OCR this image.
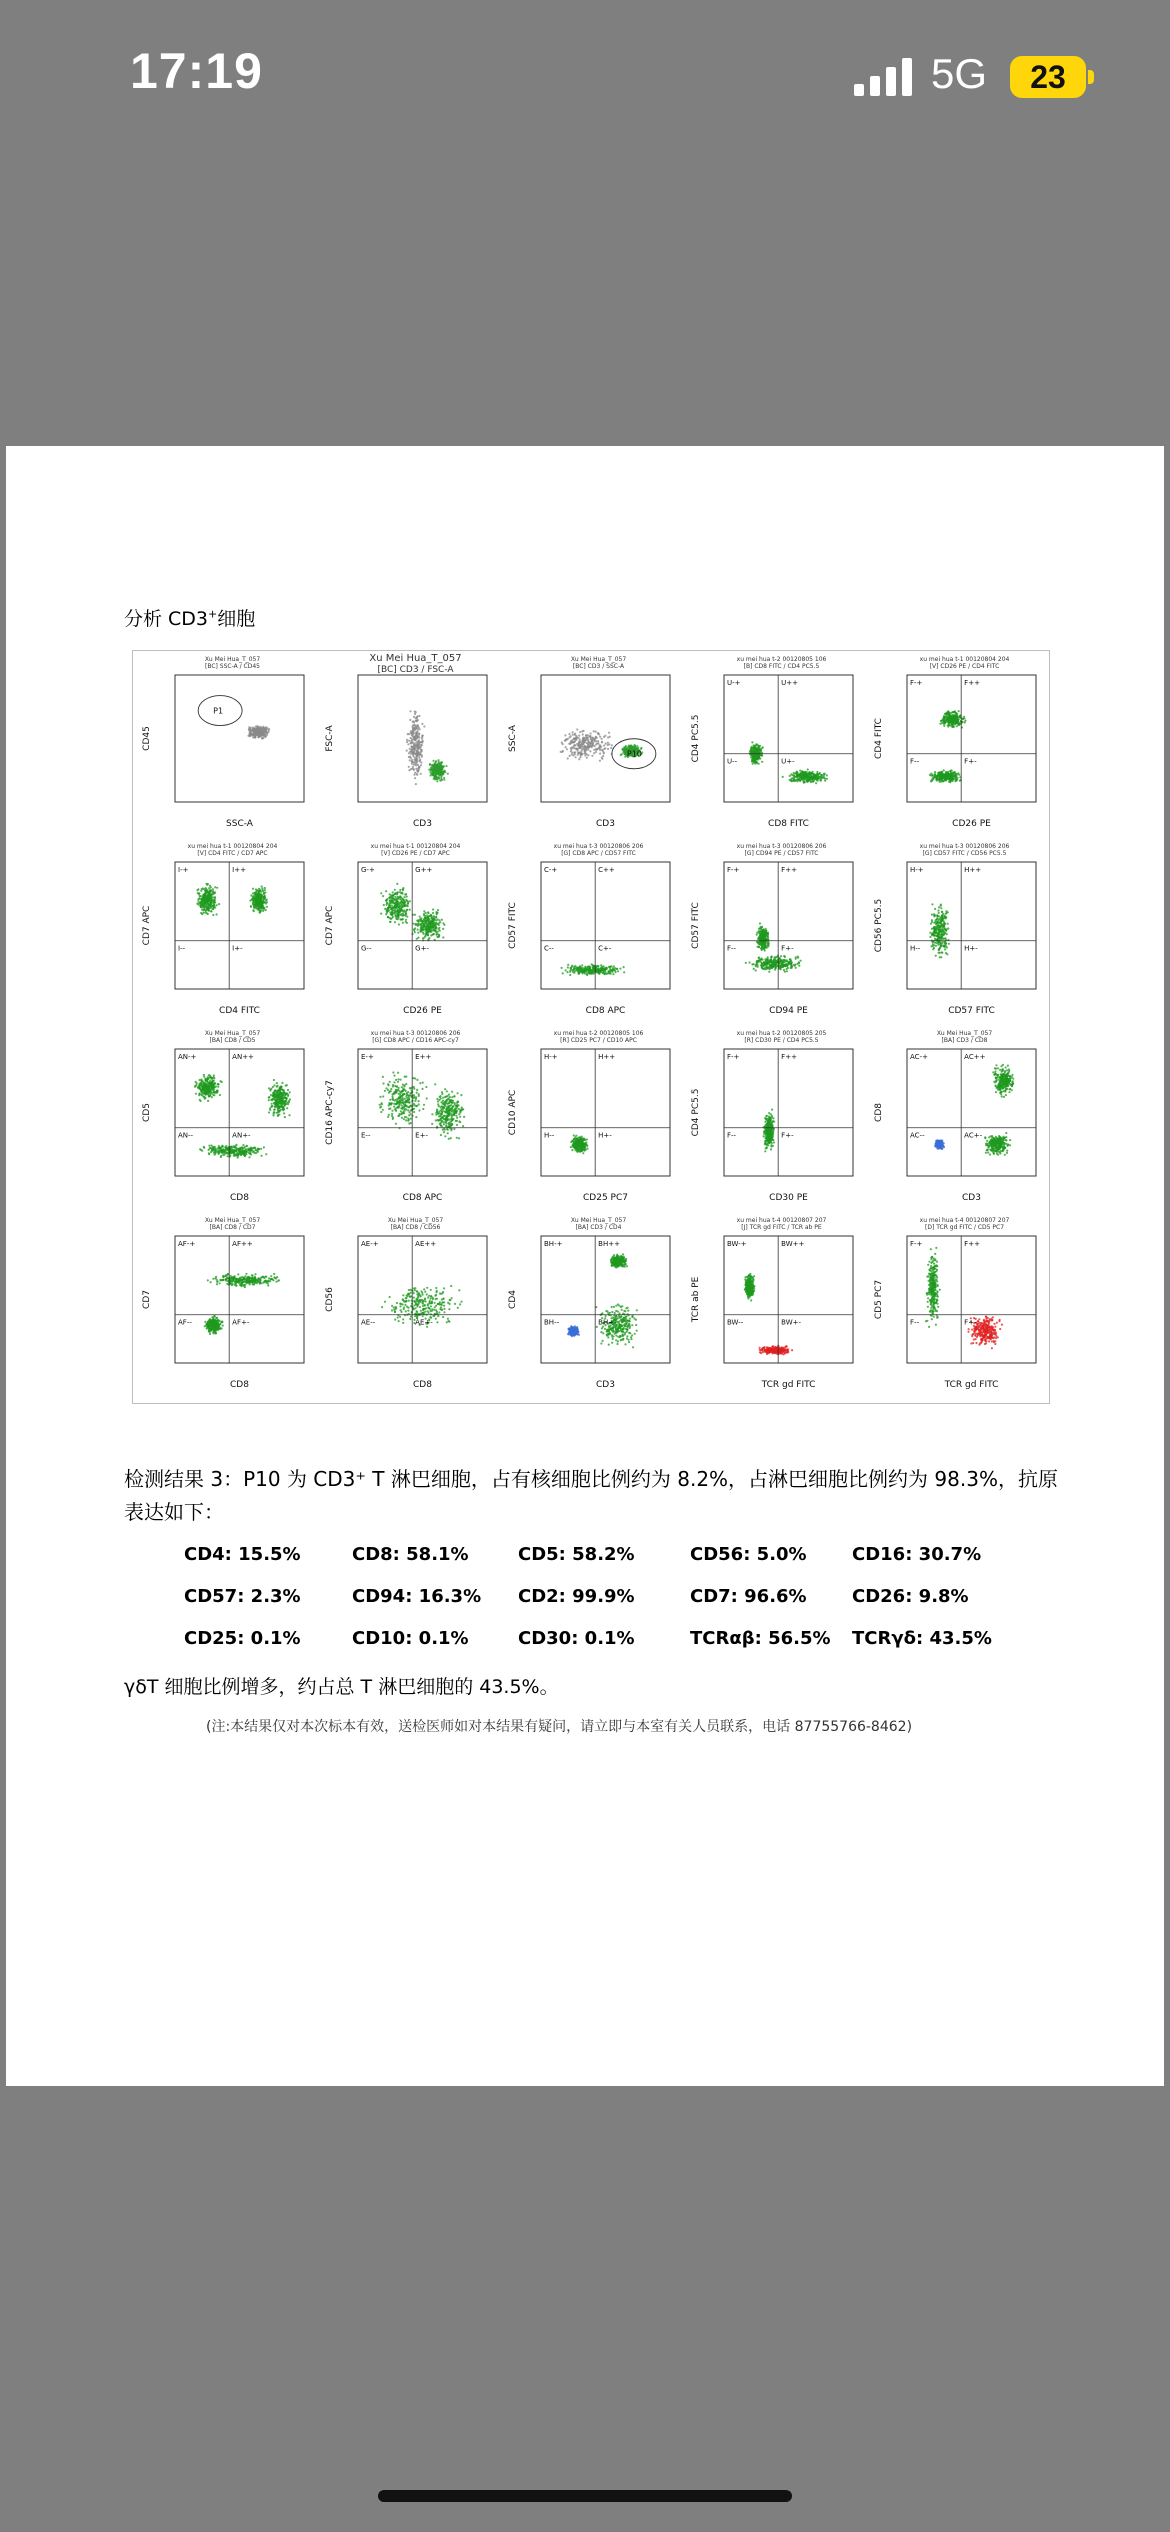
17:19	5G	23
分析 CD3+细胞
Xu Mei Hua_T_057
[BC] SSC-A / CD45
P1
SSC-A
CD45
Xu Mei Hua_T_057
[BC] CD3 / FSC-A
CD3
FSC-A
Xu Mei Hua_T_057
[BC] CD3 / SSC-A
P10
CD3
SSC-A
xu mei hua t-2 00120805 106
[B] CD8 FITC / CD4 PC5.5
U-+	U++
U--	U+-
CD8 FITC
CD4 PC5.5
xu mei hua t-1 00120804 204
[V] CD26 PE / CD4 FITC
F-+	F++
F--	F+-
CD26 PE
CD4 FITC
xu mei hua t-1 00120804 204
[V] CD4 FITC / CD7 APC
I-+	I++
I--	I+-
CD4 FITC
CD7 APC
xu mei hua t-1 00120804 204
[V] CD26 PE / CD7 APC
G-+	G++
G--	G+-
CD26 PE
CD7 APC
xu mei hua t-3 00120806 206
[G] CD8 APC / CD57 FITC
C-+	C++
C--	C+-
CD8 APC
CD57 FITC
xu mei hua t-3 00120806 206
[G] CD94 PE / CD57 FITC
F-+	F++
F--	F+-
CD94 PE
CD57 FITC
xu mei hua t-3 00120806 206
[G] CD57 FITC / CD56 PC5.5
H-+	H++
H--	H+-
CD57 FITC
CD56 PC5.5
Xu Mei Hua_T_057
[BA] CD8 / CD5
AN-+	AN++
AN--	AN+-
CD8
CD5
xu mei hua t-3 00120806 206
[G] CD8 APC / CD16 APC-cy7
E-+	E++
E--	E+-
CD8 APC
CD16 APC-cy7
xu mei hua t-2 00120805 106
[R] CD25 PC7 / CD10 APC
H-+	H++
H--	H+-
CD25 PC7
CD10 APC
xu mei hua t-2 00120805 205
[R] CD30 PE / CD4 PC5.5
F-+	F++
F--	F+-
CD30 PE
CD4 PC5.5
Xu Mei Hua_T_057
[BA] CD3 / CD8
AC-+	AC++
AC--	AC+-
CD3
CD8
Xu Mei Hua_T_057
[BA] CD8 / CD7
AF-+	AF++
AF--	AF+-
CD8
CD7
Xu Mei Hua_T_057
[BA] CD8 / CD56
AE-+	AE++
AE--	AE+-
CD8
CD56
Xu Mei Hua_T_057
[BA] CD3 / CD4
BH-+	BH++
BH--	BH+-
CD3
CD4
xu mei hua t-4 00120807 207
[J] TCR gd FITC / TCR ab PE
BW-+	BW++
BW--	BW+-
TCR gd FITC
TCR ab PE
xu mei hua t-4 00120807 207
[D] TCR gd FITC / CD5 PC7
F-+	F++
F--	F+-
TCR gd FITC
CD5 PC7
检测结果 3：P10 为 CD3⁺ T 淋巴细胞，占有核细胞比例约为 8.2%，占淋巴细胞比例约为 98.3%，抗原
表达如下：
CD4: 15.5%	CD8: 58.1%	CD5: 58.2%	CD56: 5.0%	CD16: 30.7%
CD57: 2.3%	CD94: 16.3% CD2: 99.9%	CD7: 96.6%	CD26: 9.8%
CD25: 0.1%	CD10: 0.1%	CD30: 0.1%	TCRαβ: 56.5% TCRγδ: 43.5%
γδT 细胞比例增多，约占总 T 淋巴细胞的 43.5%。
(注:本结果仅对本次标本有效，送检医师如对本结果有疑问，请立即与本室有关人员联系，电话 87755766-8462)
